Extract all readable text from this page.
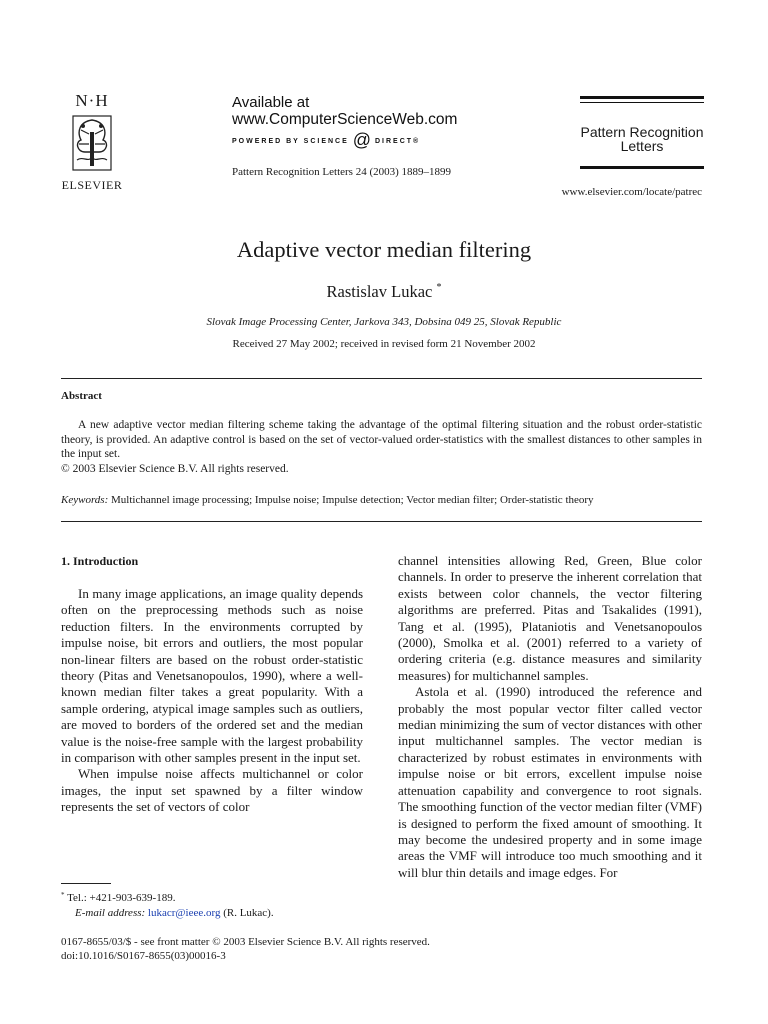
N·H
ELSEVIER
Available at
www.ComputerScienceWeb.com
POWERED BY SCIENCE @ DIRECT®
Pattern Recognition Letters 24 (2003) 1889–1899
Pattern Recognition
Letters
www.elsevier.com/locate/patrec
Adaptive vector median filtering
Rastislav Lukac *
Slovak Image Processing Center, Jarkova 343, Dobsina 049 25, Slovak Republic
Received 27 May 2002; received in revised form 21 November 2002
Abstract
A new adaptive vector median filtering scheme taking the advantage of the optimal filtering situation and the robust order-statistic theory, is provided. An adaptive control is based on the set of vector-valued order-statistics with the smallest distances to other samples in the input set.
© 2003 Elsevier Science B.V. All rights reserved.
Keywords: Multichannel image processing; Impulse noise; Impulse detection; Vector median filter; Order-statistic theory
1. Introduction

In many image applications, an image quality depends often on the preprocessing methods such as noise reduction filters. In the environments corrupted by impulse noise, bit errors and outliers, the most popular non-linear filters are based on the robust order-statistic theory (Pitas and Venetsanopoulos, 1990), where a well-known median filter takes a great popularity. With a sample ordering, atypical image samples such as outliers, are moved to borders of the ordered set and the median value is the noise-free sample with the largest probability in comparison with other samples present in the input set.

When impulse noise affects multichannel or color images, the input set spawned by a filter window represents the set of vectors of color

channel intensities allowing Red, Green, Blue color channels. In order to preserve the inherent correlation that exists between color channels, the vector filtering algorithms are preferred. Pitas and Tsakalides (1991), Tang et al. (1995), Plataniotis and Venetsanopoulos (2000), Smolka et al. (2001) referred to a variety of ordering criteria (e.g. distance measures and similarity measures) for multichannel samples.

Astola et al. (1990) introduced the reference and probably the most popular vector filter called vector median minimizing the sum of vector distances with other input multichannel samples. The vector median is characterized by robust estimates in environments with impulse noise or bit errors, excellent impulse noise attenuation capability and convergence to root signals. The smoothing function of the vector median filter (VMF) is designed to perform the fixed amount of smoothing. It may become the undesired property and in some image areas the VMF will introduce too much smoothing and it will blur thin details and image edges. For

* Tel.: +421-903-639-189.
E-mail address: lukacr@ieee.org (R. Lukac).
0167-8655/03/$ - see front matter © 2003 Elsevier Science B.V. All rights reserved.
doi:10.1016/S0167-8655(03)00016-3
